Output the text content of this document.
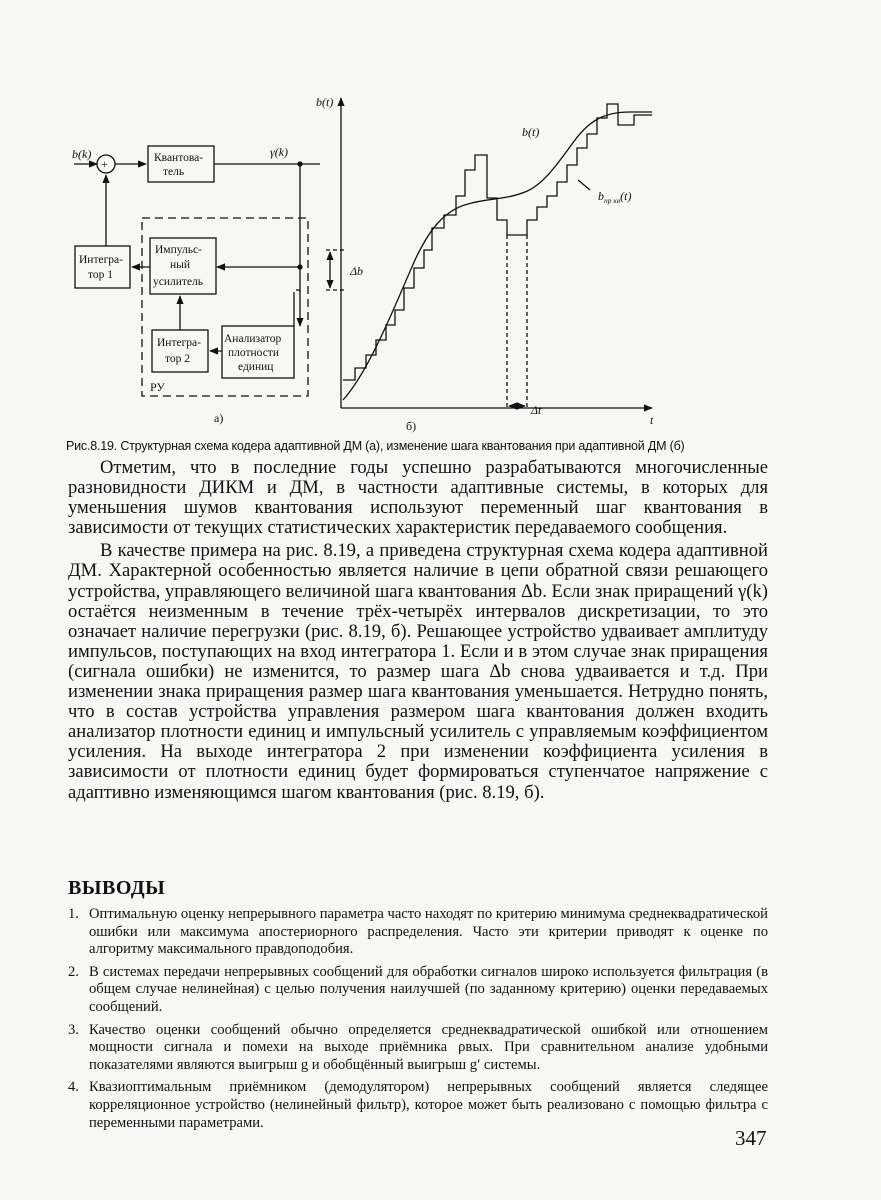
b(k)
+	Квантова-
тель
γ(k)
Интегра-
тор 1
Импульс-
ный
усилитель
Интегра-
тор 2
Анализатор
плотности
единиц
РУ
а)
b(t)
t
b(t)
$b_{пр кв}(t)$
Δb
Δt
б)
Рис.8.19. Структурная схема кодера адаптивной ДМ (а), изменение шага квантования при адаптивной ДМ (б)

Отметим, что в последние годы успешно разрабатываются многочисленные разновидности ДИКМ и ДМ, в частности адаптивные системы, в которых для уменьшения шумов квантования используют переменный шаг квантования в зависимости от текущих статистических характеристик передаваемого сообщения.

В качестве примера на рис. 8.19, а приведена структурная схема кодера адаптивной ДМ. Характерной особенностью является наличие в цепи обратной связи решающего устройства, управляющего величиной шага квантования Δb. Если знак приращений γ(k) остаётся неизменным в течение трёх-четырёх интервалов дискретизации, то это означает наличие перегрузки (рис. 8.19, б). Решающее устройство удваивает амплитуду импульсов, поступающих на вход интегратора 1. Если и в этом случае знак приращения (сигнала ошибки) не изменится, то размер шага Δb снова удваивается и т.д. При изменении знака приращения размер шага квантования уменьшается. Нетрудно понять, что в состав устройства управления размером шага квантования должен входить анализатор плотности единиц и импульсный усилитель с управляемым коэффициентом усиления. На выходе интегратора 2 при изменении коэффициента усиления в зависимости от плотности единиц будет формироваться ступенчатое напряжение с адаптивно изменяющимся шагом квантования (рис. 8.19, б).

ВЫВОДЫ
1. Оптимальную оценку непрерывного параметра часто находят по критерию минимума среднеквадратической ошибки или максимума апостериорного распределения. Часто эти критерии приводят к оценке по алгоритму максимального правдоподобия.
2. В системах передачи непрерывных сообщений для обработки сигналов широко используется фильтрация (в общем случае нелинейная) с целью получения наилучшей (по заданному критерию) оценки передаваемых сообщений.
3. Качество оценки сообщений обычно определяется среднеквадратической ошибкой или отношением мощности сигнала и помехи на выходе приёмника ρвых. При сравнительном анализе удобными показателями являются выигрыш g и обобщённый выигрыш g′ системы.
4. Квазиоптимальным приёмником (демодулятором) непрерывных сообщений является следящее корреляционное устройство (нелинейный фильтр), которое может быть реализовано с помощью фильтра с переменными параметрами.
347
